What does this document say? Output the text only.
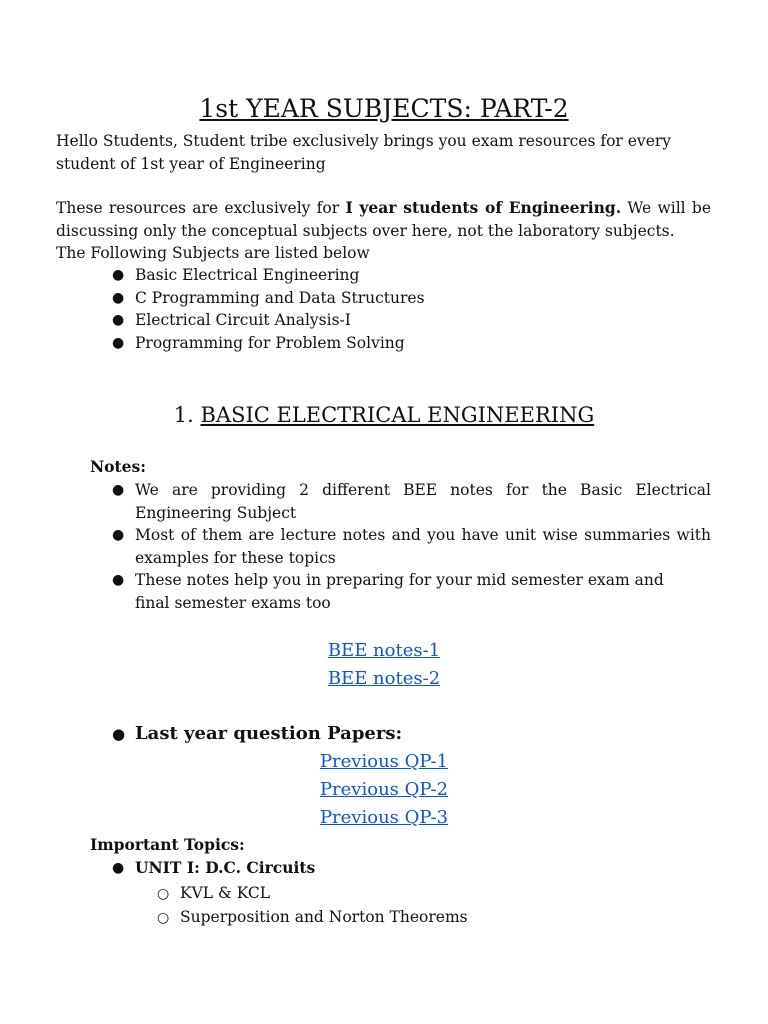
1st YEAR SUBJECTS: PART-2

Hello Students, Student tribe exclusively brings you exam resources for every student of 1st year of Engineering

These resources are exclusively for I year students of Engineering. We will be discussing only the conceptual subjects over here, not the laboratory subjects.

The Following Subjects are listed below

● Basic Electrical Engineering
● C Programming and Data Structures
● Electrical Circuit Analysis-I
● Programming for Problem Solving
1. BASIC ELECTRICAL ENGINEERING

Notes:

● We are providing 2 different BEE notes for the Basic Electrical Engineering Subject
● Most of them are lecture notes and you have unit wise summaries with examples for these topics
● These notes help you in preparing for your mid semester exam and final semester exams too
BEE notes-1
BEE notes-2
● Last year question Papers:
Previous QP-1
Previous QP-2
Previous QP-3

Important Topics:

● UNIT I: D.C. Circuits
○ KVL & KCL
○ Superposition and Norton Theorems
